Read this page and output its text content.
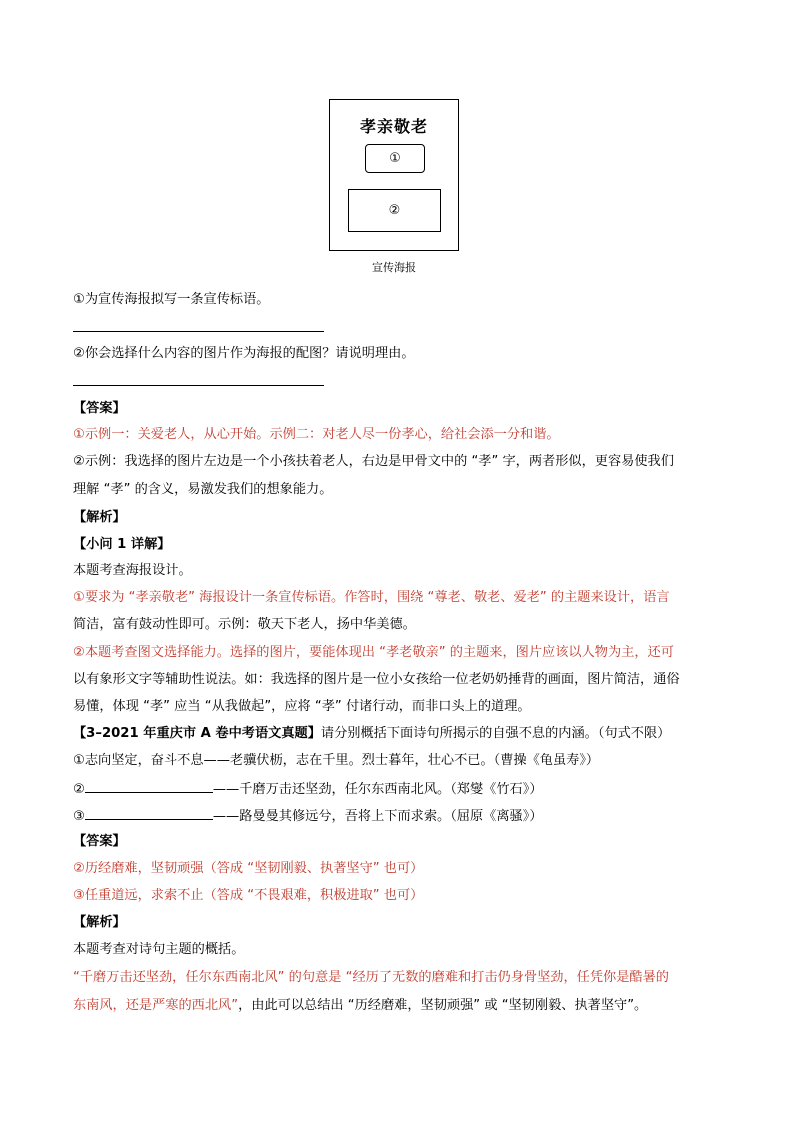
孝亲敬老
①
②
宣传海报
①为宣传海报拟写一条宣传标语。
②你会选择什么内容的图片作为海报的配图？请说明理由。
【答案】
①示例一：关爱老人，从心开始。示例二：对老人尽一份孝心，给社会添一分和谐。
②示例：我选择的图片左边是一个小孩扶着老人，右边是甲骨文中的 “孝” 字，两者形似，更容易使我们
理解 “孝” 的含义，易激发我们的想象能力。
【解析】
【小问 1 详解】
本题考查海报设计。
①要求为 “孝亲敬老” 海报设计一条宣传标语。作答时，围绕 “尊老、敬老、爱老” 的主题来设计，语言
简洁，富有鼓动性即可。示例：敬天下老人，扬中华美德。
②本题考查图文选择能力。选择的图片，要能体现出 “孝老敬亲” 的主题来，图片应该以人物为主，还可
以有象形文字等辅助性说法。如：我选择的图片是一位小女孩给一位老奶奶捶背的画面，图片简洁，通俗
易懂，体现 “孝” 应当 “从我做起”，应将 “孝” 付诸行动，而非口头上的道理。
【3–2021 年重庆市 A 卷中考语文真题】请分别概括下面诗句所揭示的自强不息的内涵。（句式不限）
①志向坚定，奋斗不息——老骥伏枥，志在千里。烈士暮年，壮心不已。（曹操《龟虽寿》）
②	——千磨万击还坚劲，任尔东西南北风。（郑燮《竹石》）
③	——路曼曼其修远兮，吾将上下而求索。（屈原《离骚》）
【答案】
②历经磨难，坚韧顽强（答成 “坚韧刚毅、执著坚守” 也可）
③任重道远，求索不止（答成 “不畏艰难，积极进取” 也可）
【解析】
本题考查对诗句主题的概括。
“千磨万击还坚劲，任尔东西南北风” 的句意是 “经历了无数的磨难和打击仍身骨坚劲，任凭你是酷暑的
东南风，还是严寒的西北风”，由此可以总结出 “历经磨难，坚韧顽强” 或 “坚韧刚毅、执著坚守”。
